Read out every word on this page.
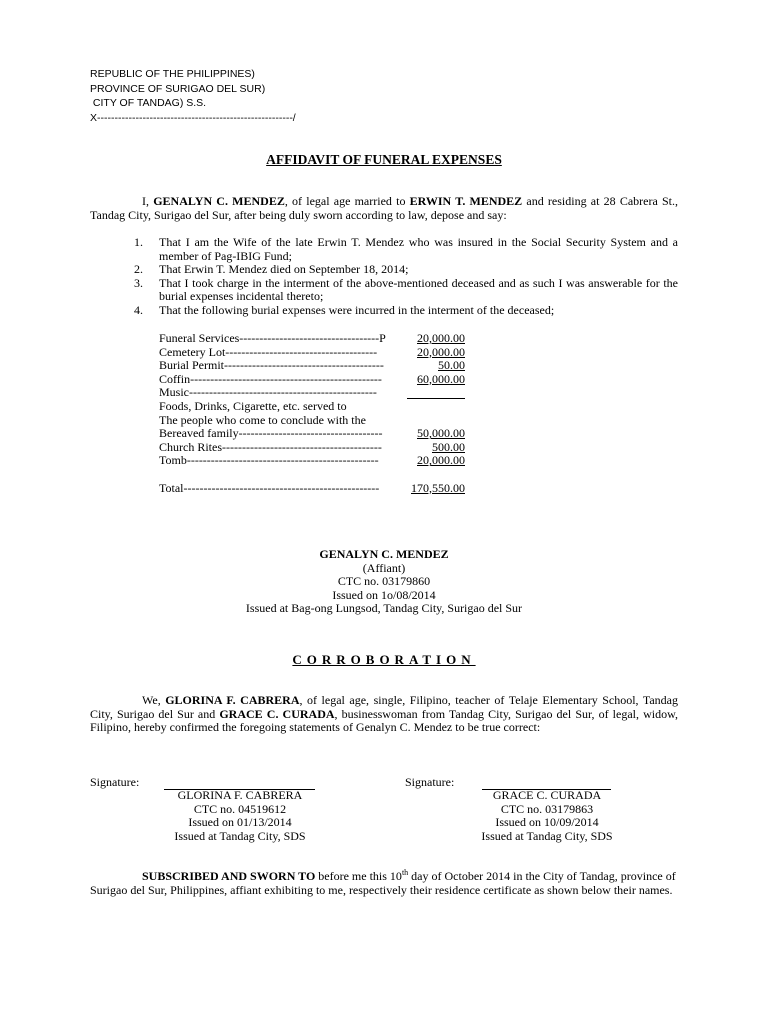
REPUBLIC OF THE PHILIPPINES)
PROVINCE OF SURIGAO DEL SUR)
CITY OF TANDAG) S.S.
X--------------------------------------------------------/
AFFIDAVIT OF FUNERAL EXPENSES
I, GENALYN C. MENDEZ, of legal age married to ERWIN T. MENDEZ and residing at 28 Cabrera St., Tandag City, Surigao del Sur, after being duly sworn according to law, depose and say:
1. That I am the Wife of the late Erwin T. Mendez who was insured in the Social Security System and a member of Pag-IBIG Fund;
2. That Erwin T. Mendez died on September 18, 2014;
3. That I took charge in the interment of the above-mentioned deceased and as such I was answerable for the burial expenses incidental thereto;
4. That the following burial expenses were incurred in the interment of the deceased;
Funeral Services-----------------------------------P	20,000.00
Cemetery Lot--------------------------------------	20,000.00
Burial Permit----------------------------------------	50.00
Coffin------------------------------------------------	60,000.00
Music-----------------------------------------------
Foods, Drinks, Cigarette, etc. served to
The people who come to conclude with the
Bereaved family------------------------------------	50,000.00
Church Rites----------------------------------------	500.00
Tomb------------------------------------------------	20,000.00
Total-------------------------------------------------	170,550.00
GENALYN C. MENDEZ
(Affiant)
CTC no. 03179860
Issued on 1o/08/2014
Issued at Bag-ong Lungsod, Tandag City, Surigao del Sur
CORROBORATION
We, GLORINA F. CABRERA, of legal age, single, Filipino, teacher of Telaje Elementary School, Tandag City, Surigao del Sur and GRACE C. CURADA, businesswoman from Tandag City, Surigao del Sur, of legal, widow, Filipino, hereby confirmed the foregoing statements of Genalyn C. Mendez to be true correct:
Signature:
GLORINA F. CABRERA
CTC no. 04519612
Issued on 01/13/2014
Issued at Tandag City, SDS
Signature:
GRACE C. CURADA
CTC no. 03179863
Issued on 10/09/2014
Issued at Tandag City, SDS
SUBSCRIBED AND SWORN TO before me this 10th day of October 2014 in the City of Tandag, province of Surigao del Sur, Philippines, affiant exhibiting to me, respectively their residence certificate as shown below their names.
